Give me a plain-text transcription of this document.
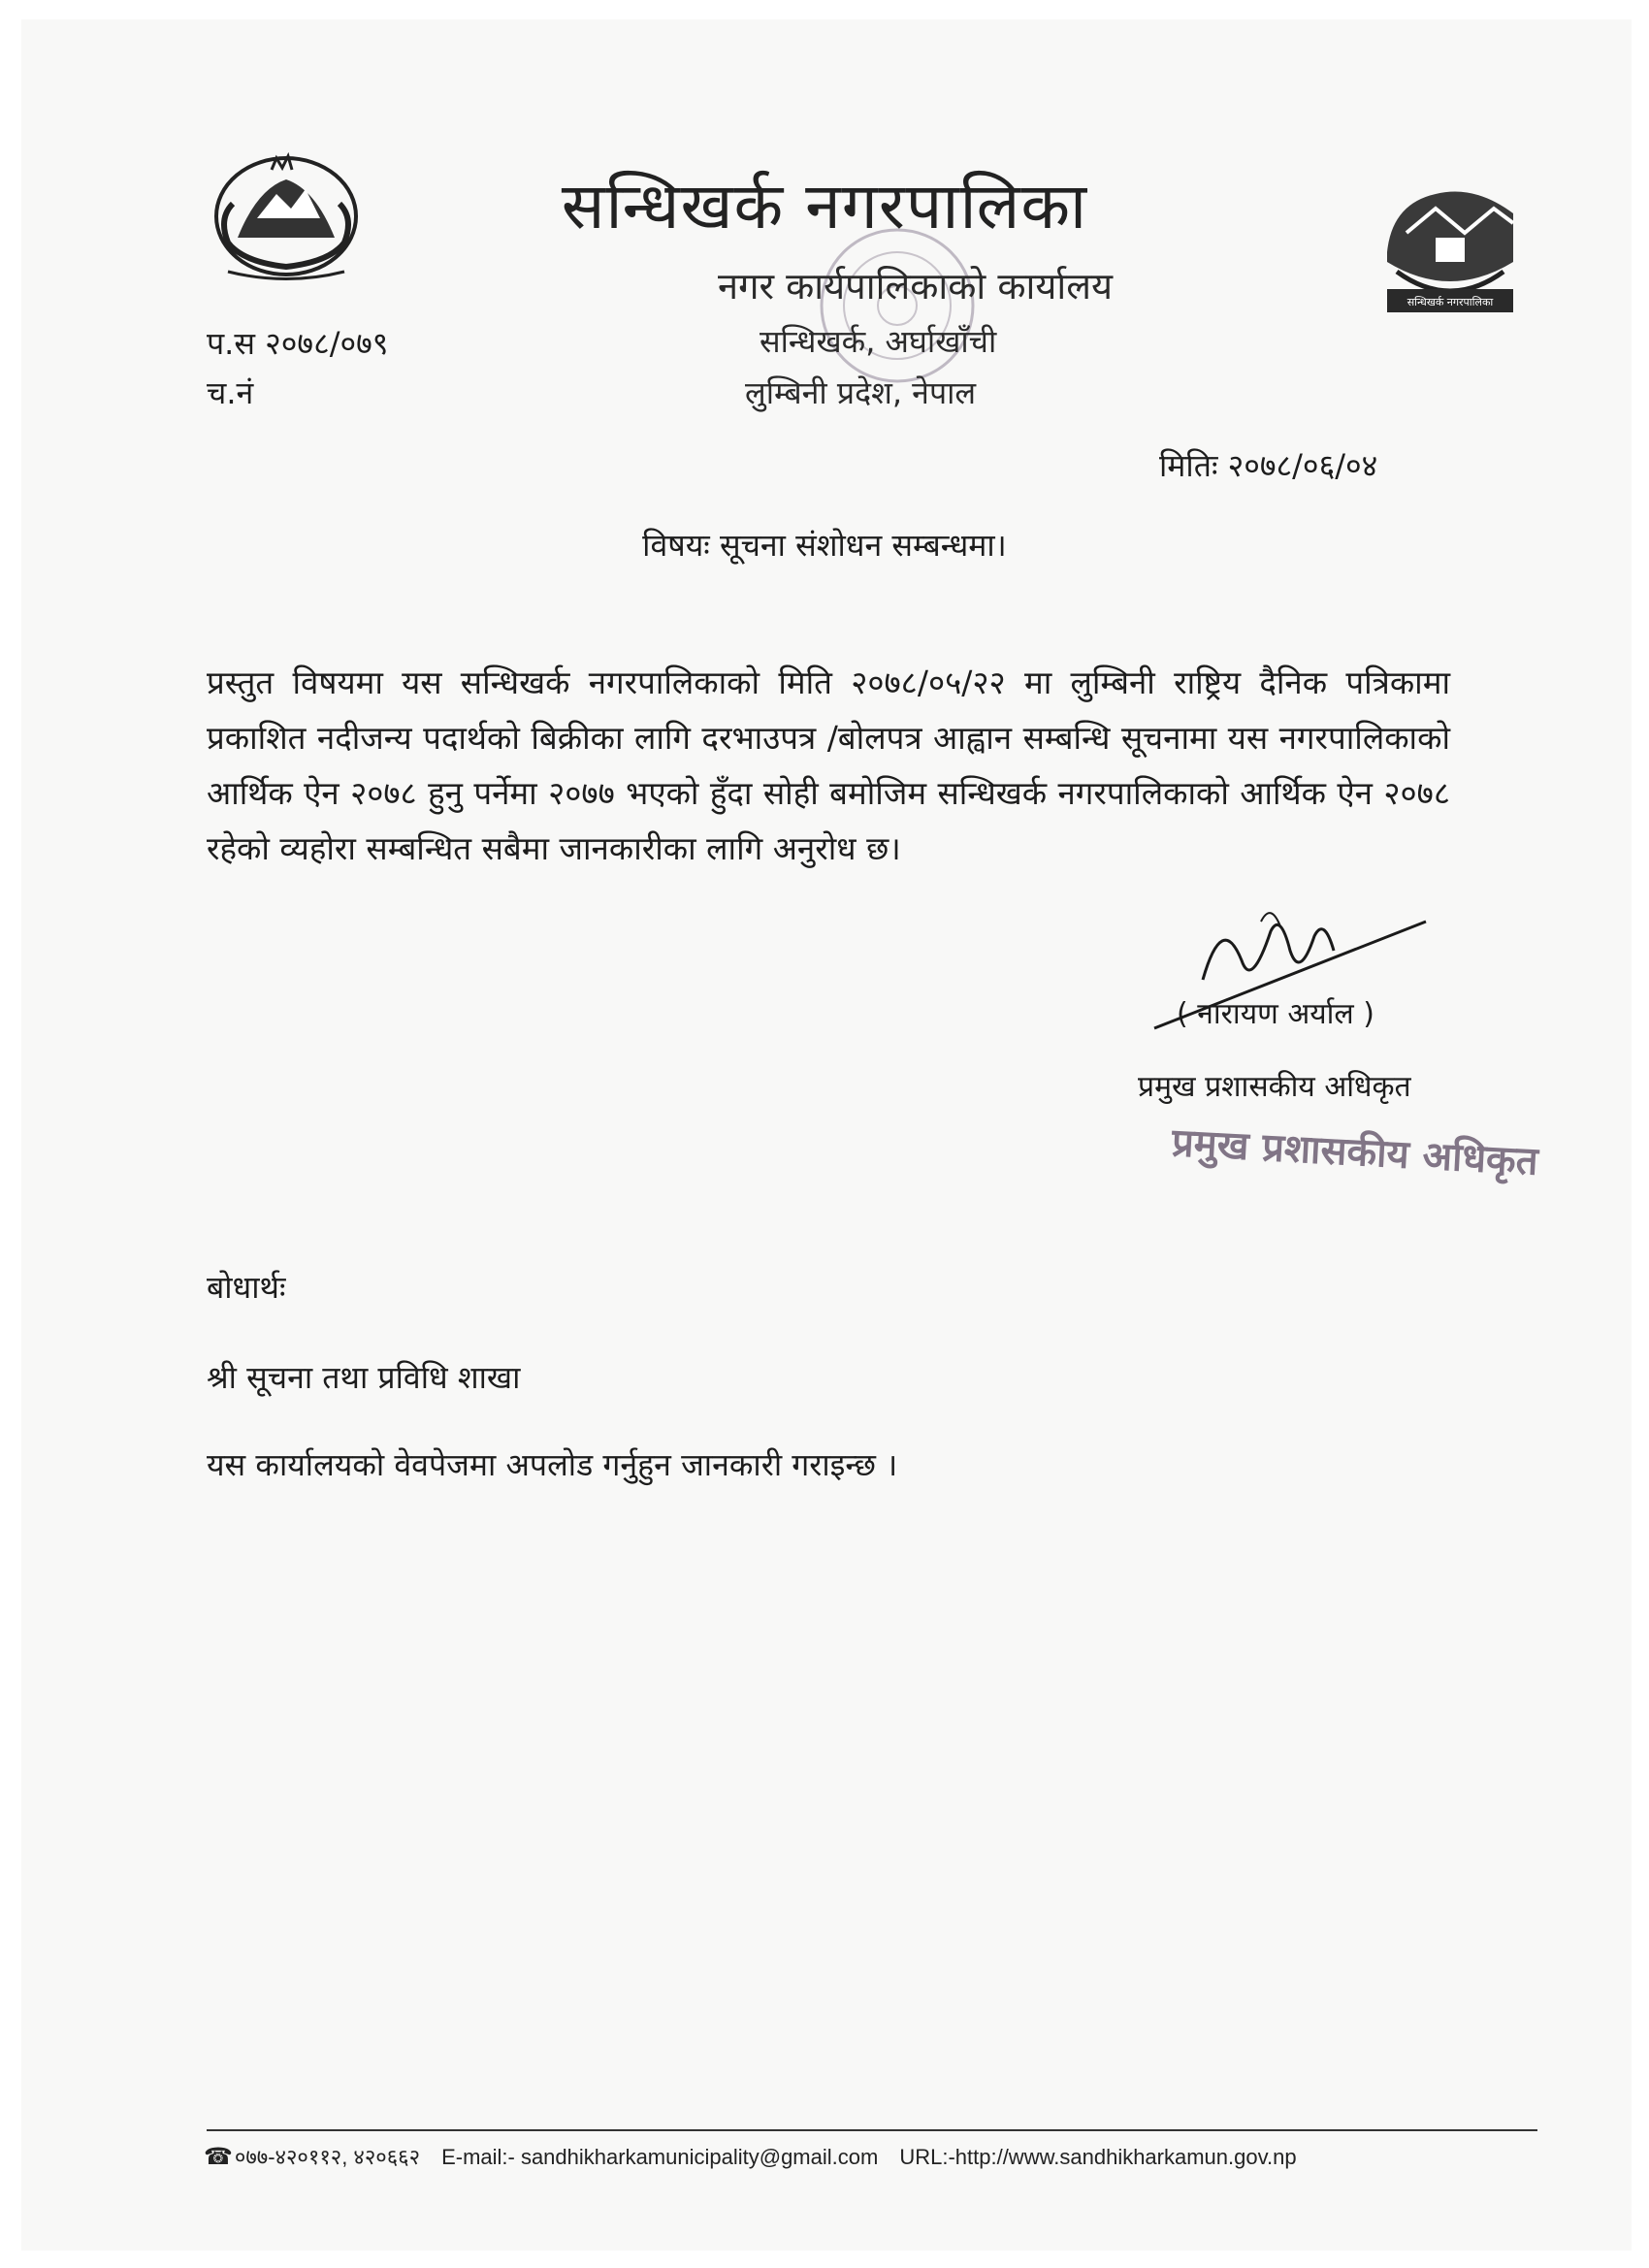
सन्धिखर्क नगरपालिका
सन्धिखर्क नगरपालिका
नगर कार्यपालिकाको कार्यालय
सन्धिखर्क, अर्घाखाँची
लुम्बिनी प्रदेश, नेपाल
प.स २०७८/०७९
च.नं
मितिः २०७८/०६/०४
विषयः सूचना संशोधन सम्बन्धमा।
प्रस्तुत विषयमा यस सन्धिखर्क नगरपालिकाको मिति २०७८/०५/२२ मा लुम्बिनी राष्ट्रिय दैनिक पत्रिकामा प्रकाशित नदीजन्य पदार्थको बिक्रीका लागि दरभाउपत्र /बोलपत्र आह्वान सम्बन्धि सूचनामा यस नगरपालिकाको आर्थिक ऐन २०७८ हुनु पर्नेमा २०७७ भएको हुँदा सोही बमोजिम सन्धिखर्क नगरपालिकाको आर्थिक ऐन २०७८ रहेको व्यहोरा सम्बन्धित सबैमा जानकारीका लागि अनुरोध छ।
( नारायण अर्याल )
प्रमुख प्रशासकीय अधिकृत
प्रमुख प्रशासकीय अधिकृत
बोधार्थः
श्री सूचना तथा प्रविधि शाखा
यस कार्यालयको वेवपेजमा अपलोड गर्नुहुन जानकारी गराइन्छ ।
☎०७७-४२०११२, ४२०६६२ E-mail:- sandhikharkamunicipality@gmail.com URL:-http://www.sandhikharkamun.gov.np
